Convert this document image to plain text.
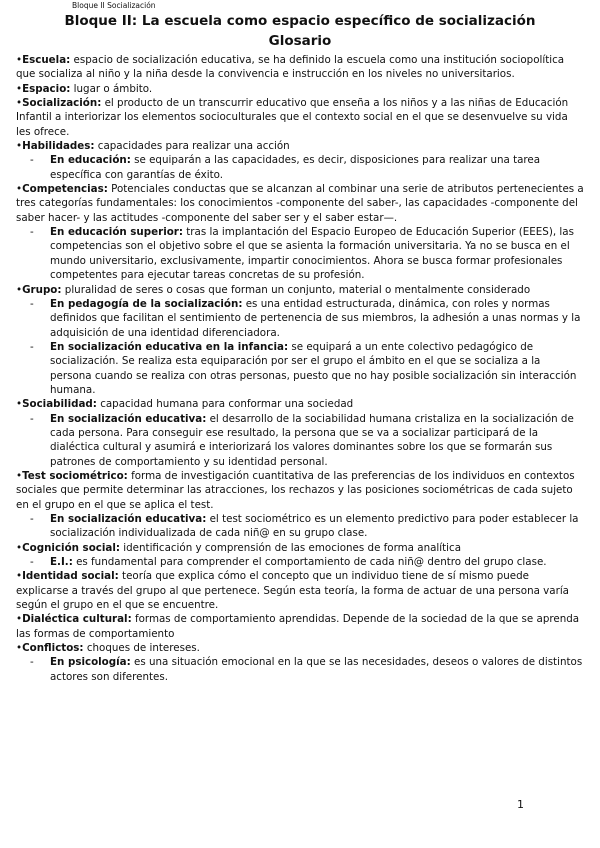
Bloque II Socialización
Bloque II: La escuela como espacio específico de socialización
Glosario

•Escuela: espacio de socialización educativa, se ha definido la escuela como una institución sociopolítica que socializa al niño y la niña desde la convivencia e instrucción en los niveles no universitarios.

•Espacio: lugar o ámbito.

•Socialización: el producto de un transcurrir educativo que enseña a los niños y a las niñas de Educación Infantil a interiorizar los elementos socioculturales que el contexto social en el que se desenvuelve su vida les ofrece.

•Habilidades: capacidades para realizar una acción

- En educación: se equiparán a las capacidades, es decir, disposiciones para realizar una tarea específica con garantías de éxito.

•Competencias: Potenciales conductas que se alcanzan al combinar una serie de atributos pertenecientes a tres categorías fundamentales: los conocimientos -componente del saber-, las capacidades -componente del saber hacer- y las actitudes -componente del saber ser y el saber estar—.

- En educación superior: tras la implantación del Espacio Europeo de Educación Superior (EEES), las competencias son el objetivo sobre el que se asienta la formación universitaria. Ya no se busca en el mundo universitario, exclusivamente, impartir conocimientos. Ahora se busca formar profesionales competentes para ejecutar tareas concretas de su profesión.

•Grupo: pluralidad de seres o cosas que forman un conjunto, material o mentalmente considerado

- En pedagogía de la socialización: es una entidad estructurada, dinámica, con roles y normas definidos que facilitan el sentimiento de pertenencia de sus miembros, la adhesión a unas normas y la adquisición de una identidad diferenciadora.

- En socialización educativa en la infancia: se equipará a un ente colectivo pedagógico de socialización. Se realiza esta equiparación por ser el grupo el ámbito en el que se socializa a la persona cuando se realiza con otras personas, puesto que no hay posible socialización sin interacción humana.

•Sociabilidad: capacidad humana para conformar una sociedad

- En socialización educativa: el desarrollo de la sociabilidad humana cristaliza en la socialización de cada persona. Para conseguir ese resultado, la persona que se va a socializar participará de la dialéctica cultural y asumirá e interiorizará los valores dominantes sobre los que se formarán sus patrones de comportamiento y su identidad personal.

•Test sociométrico: forma de investigación cuantitativa de las preferencias de los individuos en contextos sociales que permite determinar las atracciones, los rechazos y las posiciones sociométricas de cada sujeto en el grupo en el que se aplica el test.

- En socialización educativa: el test sociométrico es un elemento predictivo para poder establecer la socialización individualizada de cada niñ@ en su grupo clase.

•Cognición social: identificación y comprensión de las emociones de forma analítica

- E.I.: es fundamental para comprender el comportamiento de cada niñ@ dentro del grupo clase.

•Identidad social: teoría que explica cómo el concepto que un individuo tiene de sí mismo puede explicarse a través del grupo al que pertenece. Según esta teoría, la forma de actuar de una persona varía según el grupo en el que se encuentre.

•Dialéctica cultural: formas de comportamiento aprendidas. Depende de la sociedad de la que se aprenda las formas de comportamiento

•Conflictos: choques de intereses.

- En psicología: es una situación emocional en la que se las necesidades, deseos o valores de distintos actores son diferentes.

1
